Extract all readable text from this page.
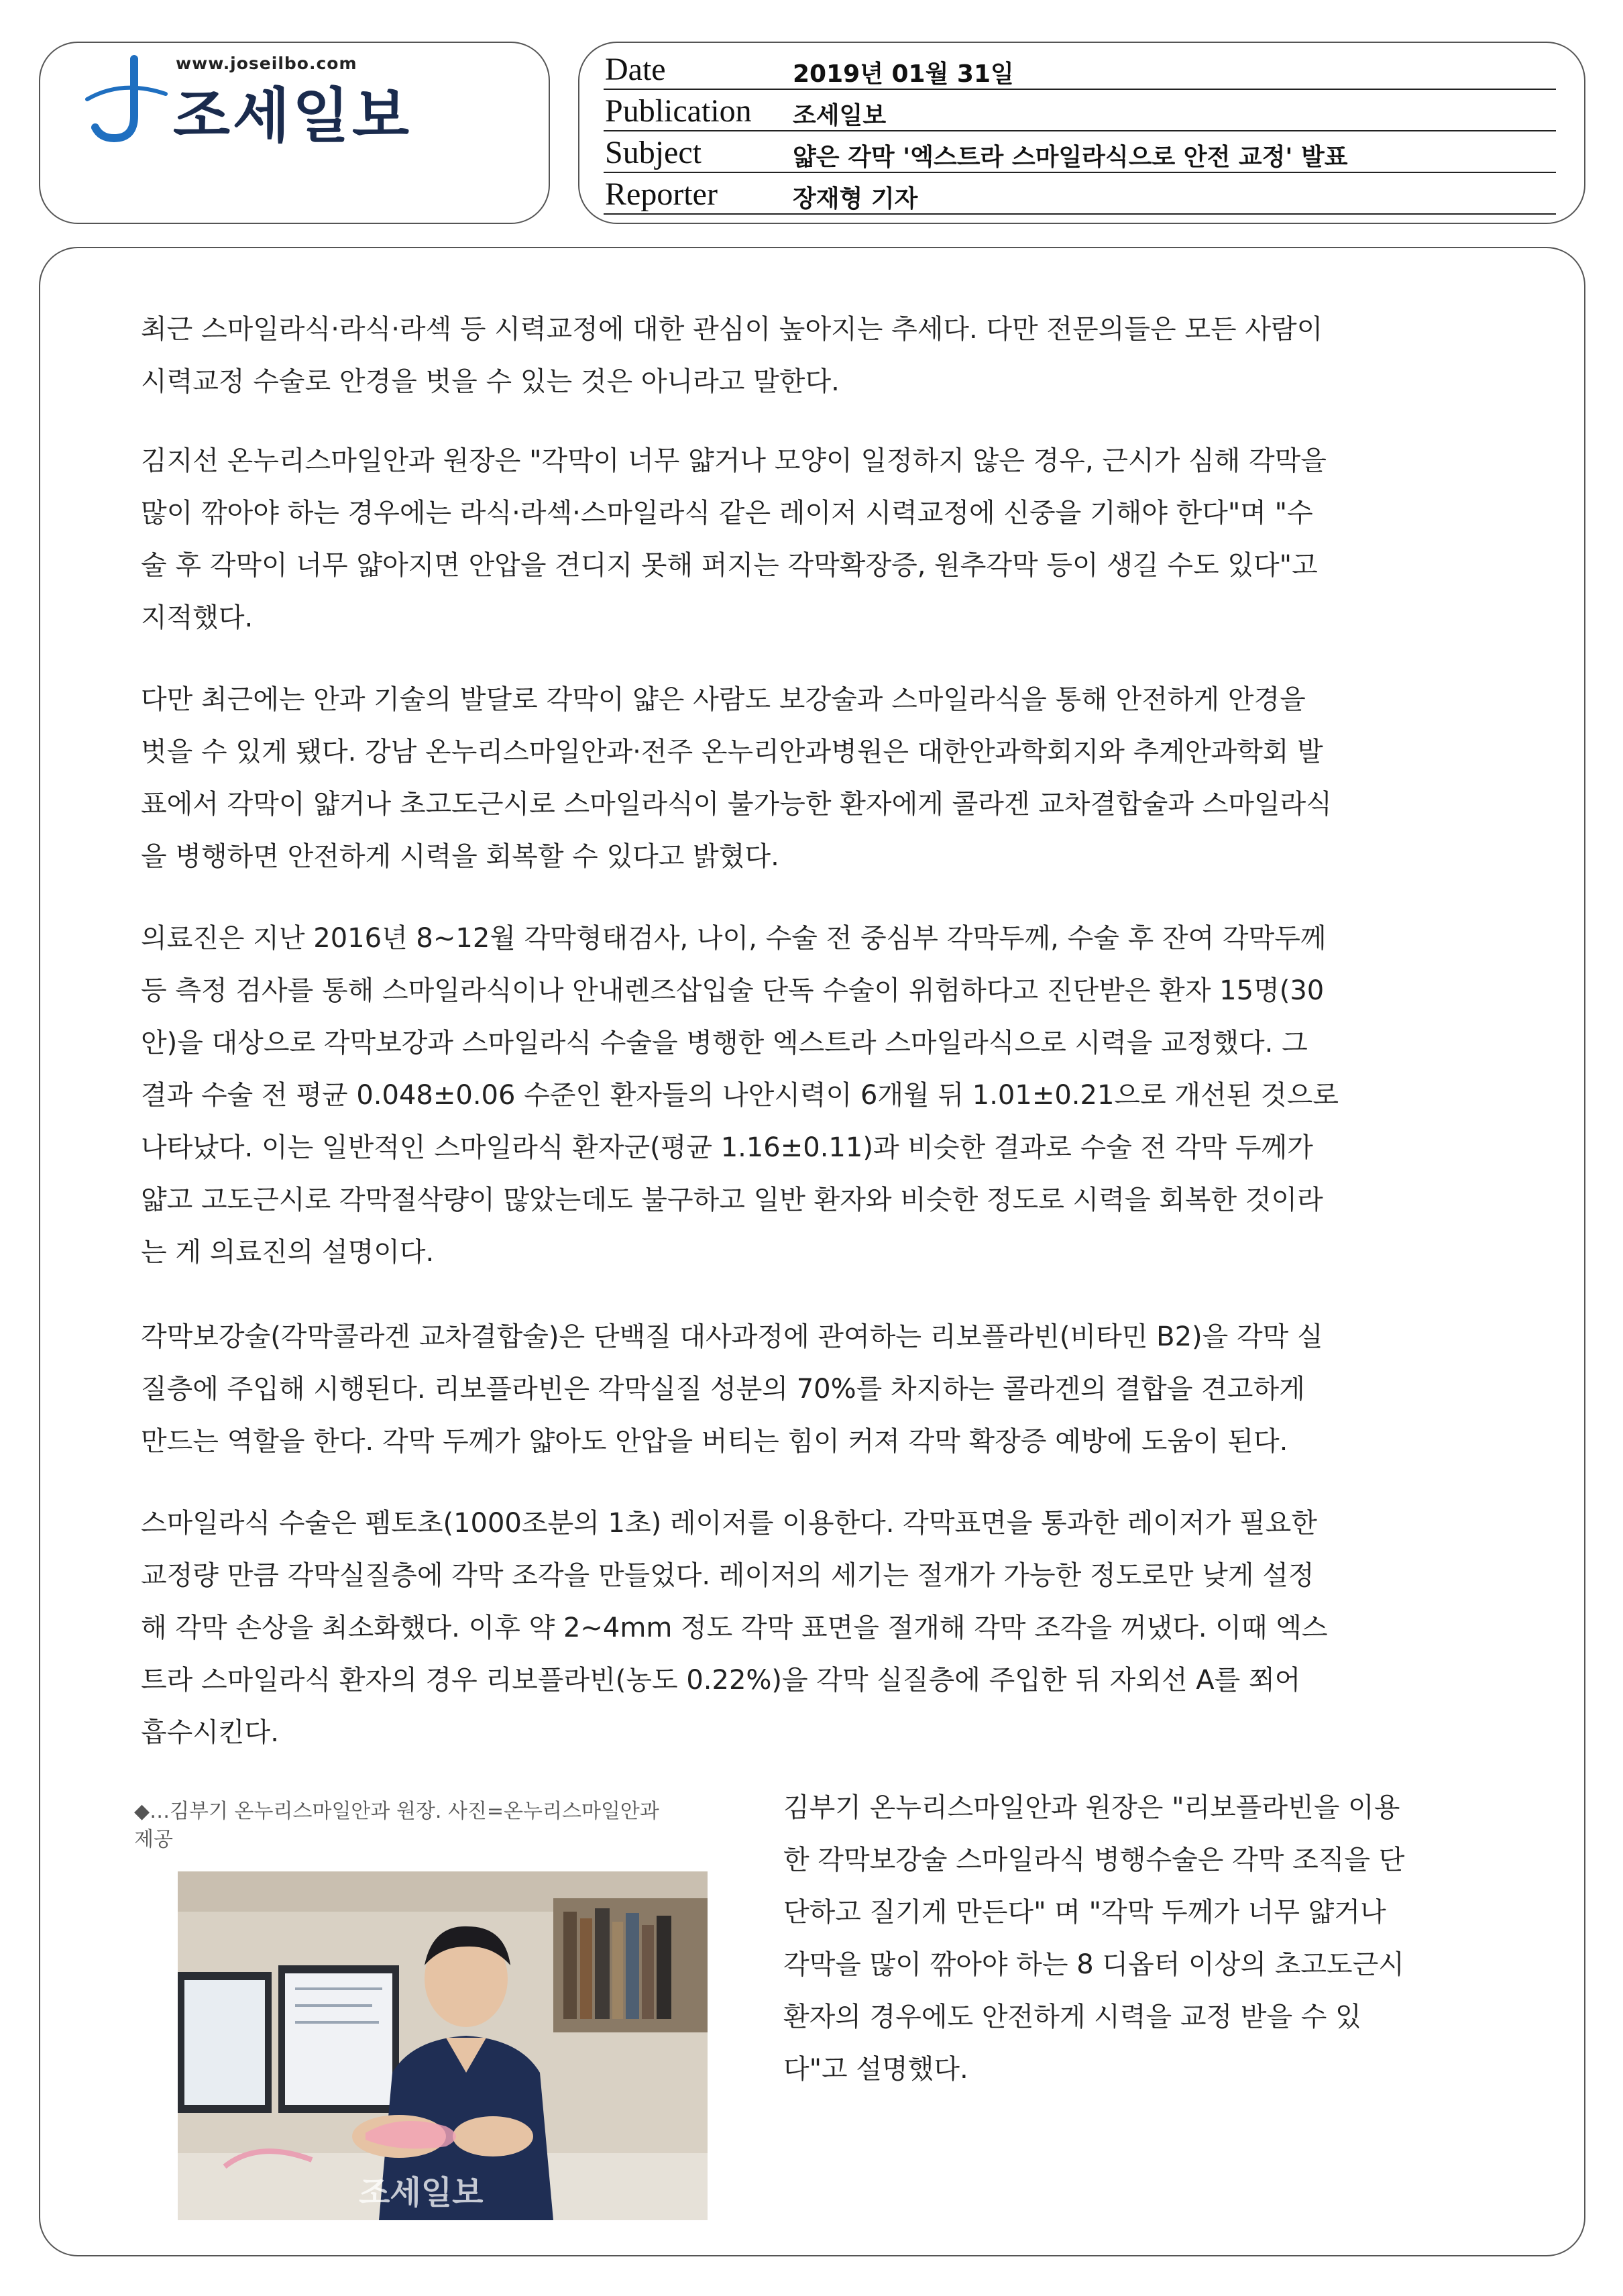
www.joseilbo.com
조세일보
Date	2019년 01월 31일
Publication 조세일보
Subject	얇은 각막 '엑스트라 스마일라식으로 안전 교정' 발표
Reporter	장재형 기자

최근 스마일라식·라식·라섹 등 시력교정에 대한 관심이 높아지는 추세다. 다만 전문의들은 모든 사람이
시력교정 수술로 안경을 벗을 수 있는 것은 아니라고 말한다.

김지선 온누리스마일안과 원장은 "각막이 너무 얇거나 모양이 일정하지 않은 경우, 근시가 심해 각막을
많이 깎아야 하는 경우에는 라식·라섹·스마일라식 같은 레이저 시력교정에 신중을 기해야 한다"며 "수
술 후 각막이 너무 얇아지면 안압을 견디지 못해 퍼지는 각막확장증, 원추각막 등이 생길 수도 있다"고
지적했다.

다만 최근에는 안과 기술의 발달로 각막이 얇은 사람도 보강술과 스마일라식을 통해 안전하게 안경을
벗을 수 있게 됐다. 강남 온누리스마일안과·전주 온누리안과병원은 대한안과학회지와 추계안과학회 발
표에서 각막이 얇거나 초고도근시로 스마일라식이 불가능한 환자에게 콜라겐 교차결합술과 스마일라식
을 병행하면 안전하게 시력을 회복할 수 있다고 밝혔다.

의료진은 지난 2016년 8~12월 각막형태검사, 나이, 수술 전 중심부 각막두께, 수술 후 잔여 각막두께
등 측정 검사를 통해 스마일라식이나 안내렌즈삽입술 단독 수술이 위험하다고 진단받은 환자 15명(30
안)을 대상으로 각막보강과 스마일라식 수술을 병행한 엑스트라 스마일라식으로 시력을 교정했다. 그
결과 수술 전 평균 0.048±0.06 수준인 환자들의 나안시력이 6개월 뒤 1.01±0.21으로 개선된 것으로
나타났다. 이는 일반적인 스마일라식 환자군(평균 1.16±0.11)과 비슷한 결과로 수술 전 각막 두께가
얇고 고도근시로 각막절삭량이 많았는데도 불구하고 일반 환자와 비슷한 정도로 시력을 회복한 것이라
는 게 의료진의 설명이다.

각막보강술(각막콜라겐 교차결합술)은 단백질 대사과정에 관여하는 리보플라빈(비타민 B2)을 각막 실
질층에 주입해 시행된다. 리보플라빈은 각막실질 성분의 70%를 차지하는 콜라겐의 결합을 견고하게
만드는 역할을 한다. 각막 두께가 얇아도 안압을 버티는 힘이 커져 각막 확장증 예방에 도움이 된다.

스마일라식 수술은 펨토초(1000조분의 1초) 레이저를 이용한다. 각막표면을 통과한 레이저가 필요한
교정량 만큼 각막실질층에 각막 조각을 만들었다. 레이저의 세기는 절개가 가능한 정도로만 낮게 설정
해 각막 손상을 최소화했다. 이후 약 2~4mm 정도 각막 표면을 절개해 각막 조각을 꺼냈다. 이때 엑스
트라 스마일라식 환자의 경우 리보플라빈(농도 0.22%)을 각막 실질층에 주입한 뒤 자외선 A를 쬐어
흡수시킨다.

◆…김부기 온누리스마일안과 원장. 사진=온누리스마일안과
제공
조세일보
김부기 온누리스마일안과 원장은 "리보플라빈을 이용
한 각막보강술 스마일라식 병행수술은 각막 조직을 단
단하고 질기게 만든다" 며 "각막 두께가 너무 얇거나
각막을 많이 깎아야 하는 8 디옵터 이상의 초고도근시
환자의 경우에도 안전하게 시력을 교정 받을 수 있
다"고 설명했다.
